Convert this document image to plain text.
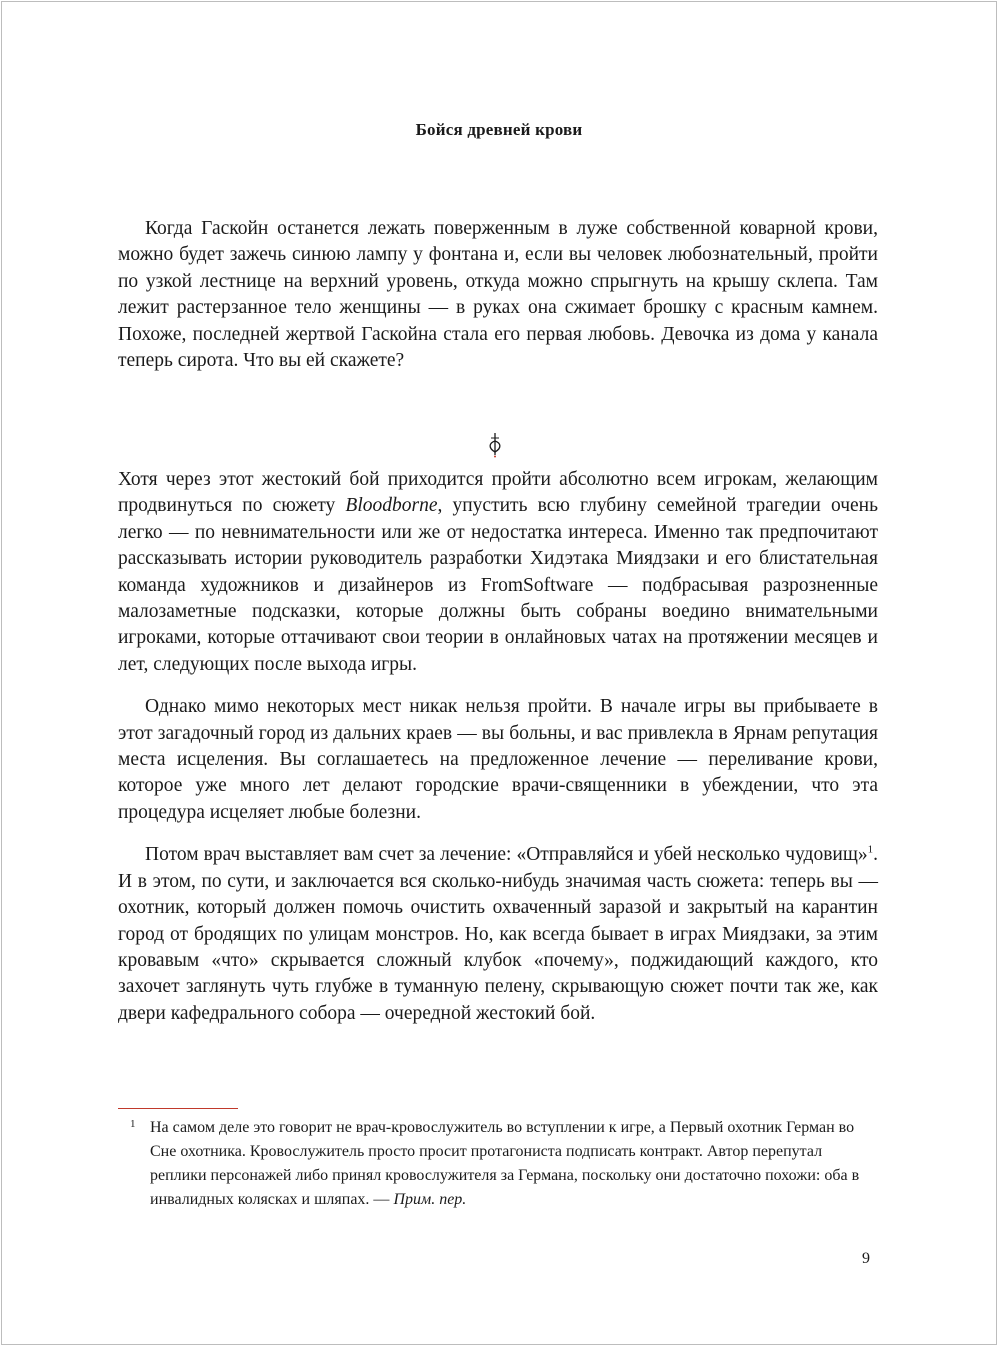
Бойся древней крови

Когда Гаскойн останется лежать поверженным в луже собственной коварной крови, можно будет зажечь синюю лампу у фонтана и, если вы человек любознательный, пройти по узкой лестнице на верхний уровень, откуда можно спрыгнуть на крышу склепа. Там лежит растерзанное тело женщины — в руках она сжимает брошку с красным камнем. Похоже, последней жертвой Гаскойна стала его первая любовь. Девочка из дома у канала теперь сирота. Что вы ей скажете?

Хотя через этот жестокий бой приходится пройти абсолютно всем игрокам, желающим продвинуться по сюжету Bloodborne, упустить всю глубину семейной трагедии очень легко — по невнимательности или же от недостатка интереса. Именно так предпочитают рассказывать истории руководитель разработки Хидэтака Миядзаки и его блистательная команда художников и дизайнеров из FromSoftware — подбрасывая разрозненные малозаметные подсказки, которые должны быть собраны воедино внимательными игроками, которые оттачивают свои теории в онлайновых чатах на протяжении месяцев и лет, следующих после выхода игры.

Однако мимо некоторых мест никак нельзя пройти. В начале игры вы прибываете в этот загадочный город из дальних краев — вы больны, и вас привлекла в Ярнам репутация места исцеления. Вы соглашаетесь на предложенное лечение — переливание крови, которое уже много лет делают городские врачи-священники в убеждении, что эта процедура исцеляет любые болезни.

Потом врач выставляет вам счет за лечение: «Отправляйся и убей несколько чудовищ»$^1$. И в этом, по сути, и заключается вся сколько-нибудь значимая часть сюжета: теперь вы — охотник, который должен помочь очистить охваченный заразой и закрытый на карантин город от бродящих по улицам монстров. Но, как всегда бывает в играх Миядзаки, за этим кровавым «что» скрывается сложный клубок «почему», поджидающий каждого, кто захочет заглянуть чуть глубже в туманную пелену, скрывающую сюжет почти так же, как двери кафедрального собора — очередной жестокий бой.

1 На самом деле это говорит не врач-кровослужитель во вступлении к игре, а Первый охотник Герман во Сне охотника. Кровослужитель просто просит протагониста подписать контракт. Автор перепутал реплики персонажей либо принял кровослужителя за Германа, поскольку они достаточно похожи: оба в инвалидных колясках и шляпах. — Прим. пер.
9
